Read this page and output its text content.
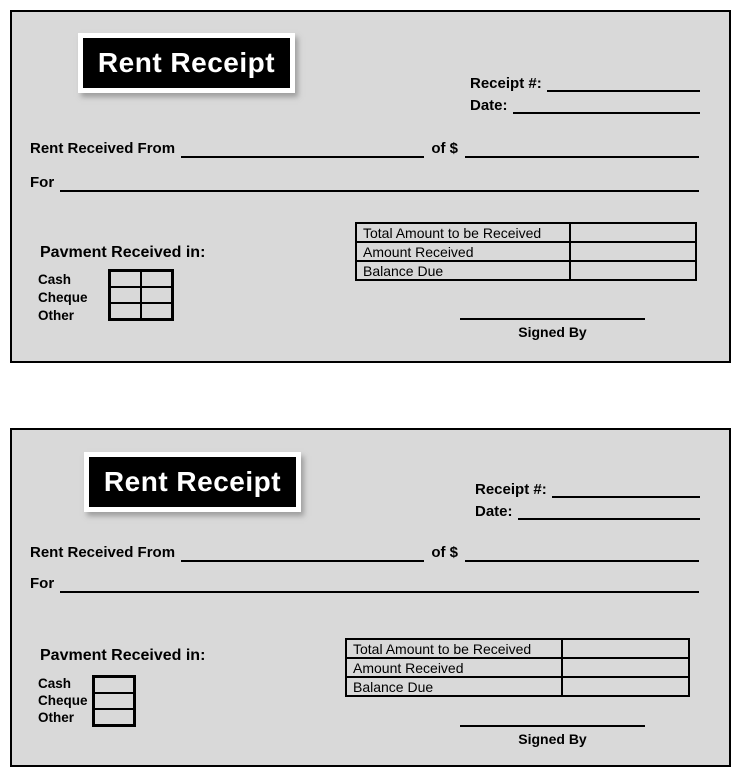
Rent Receipt
Receipt #:
Date:
Rent Received From	of $
For
Total Amount to be Received	
Amount Received	
Balance Due	
Pavment Received in:
Cash
Cheque
Other
Signed By
Rent Receipt	Receipt #:
Date:
Rent Received From	of $
For
Total Amount to be Received	
Amount Received	
Balance Due	
Pavment Received in:
Cash
Cheque
Other
Signed By
